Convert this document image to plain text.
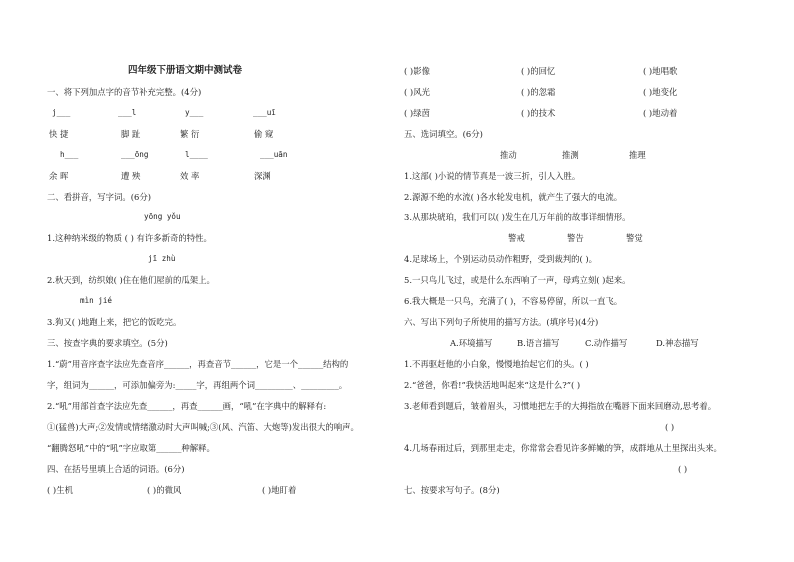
四年级下册语文期中测试卷
一、将下列加点字的音节补充完整。(4分)
j___	___l	y___	___uī
快 捷	脚 趾	繁 衍	偷 窥
h___	___ōng	l____	___uān
余 晖	遭 殃	效 率	深渊
二、看拼音，写字词。(6分)
yōng yǒu
1.这种纳米级的物质 ( ) 有许多新奇的特性。
jī zhù
2.秋天到，纺织娘( )住在他们屋前的瓜架上。
mìn jié
3.狗又( )地跑上来，把它的饭吃完。
三、按查字典的要求填空。(5分)
1.“蔚”用音序查字法应先查音序______，再查音节______，它是一个______结构的
字，组词为______，可添加偏旁为:_____字，再组两个词_________、_________。
2.“吼”用部首查字法应先查______，再查______画，“吼”在字典中的解释有:
①(猛兽)大声;②发情或情绪激动时大声叫喊;③(风、汽笛、大炮等)发出很大的响声。
“翻腾怒吼”中的“吼”字应取第______种解释。
四、在括号里填上合适的词语。(6分)
( )生机	( )的微风	( )地盯着
( )影像	( )的回忆	( )地唱歌
( )风光	( )的忽霜	( )地变化
( )绿茵	( )的技术	( )地动着
五、选词填空。(6分)
推动	推测	推理
1.这部( )小说的情节真是一波三折，引人入胜。
2.源源不绝的水流( )各水轮发电机，就产生了强大的电流。
3.从那块琥珀，我们可以( )发生在几万年前的故事详细情形。
警戒	警告	警觉
4.足球场上，个别运动员动作粗野，受到裁判的( )。
5.一只鸟儿飞过，或是什么东西响了一声，母鸡立刻( )起来。
6.我大概是一只鸟，充满了( )，不容易停留，所以一直飞。
六、写出下列句子所使用的描写方法。(填序号)(4分)
A.环境描写	B.语言描写	C.动作描写	D.神态描写
1.不再驱赶他的小白象，慢慢地抬起它们的头。( )
2.“爸爸，你看!”我快活地叫起来“这是什么?”( )
3.老师看到题后，皱着眉头，习惯地把左手的大拇指放在嘴唇下面来回磨动,思考着。
( )
4.几场春雨过后，到那里走走，你常常会看见许多鲜嫩的笋，成群地从土里探出头来。
( )
七、按要求写句子。(8分)
